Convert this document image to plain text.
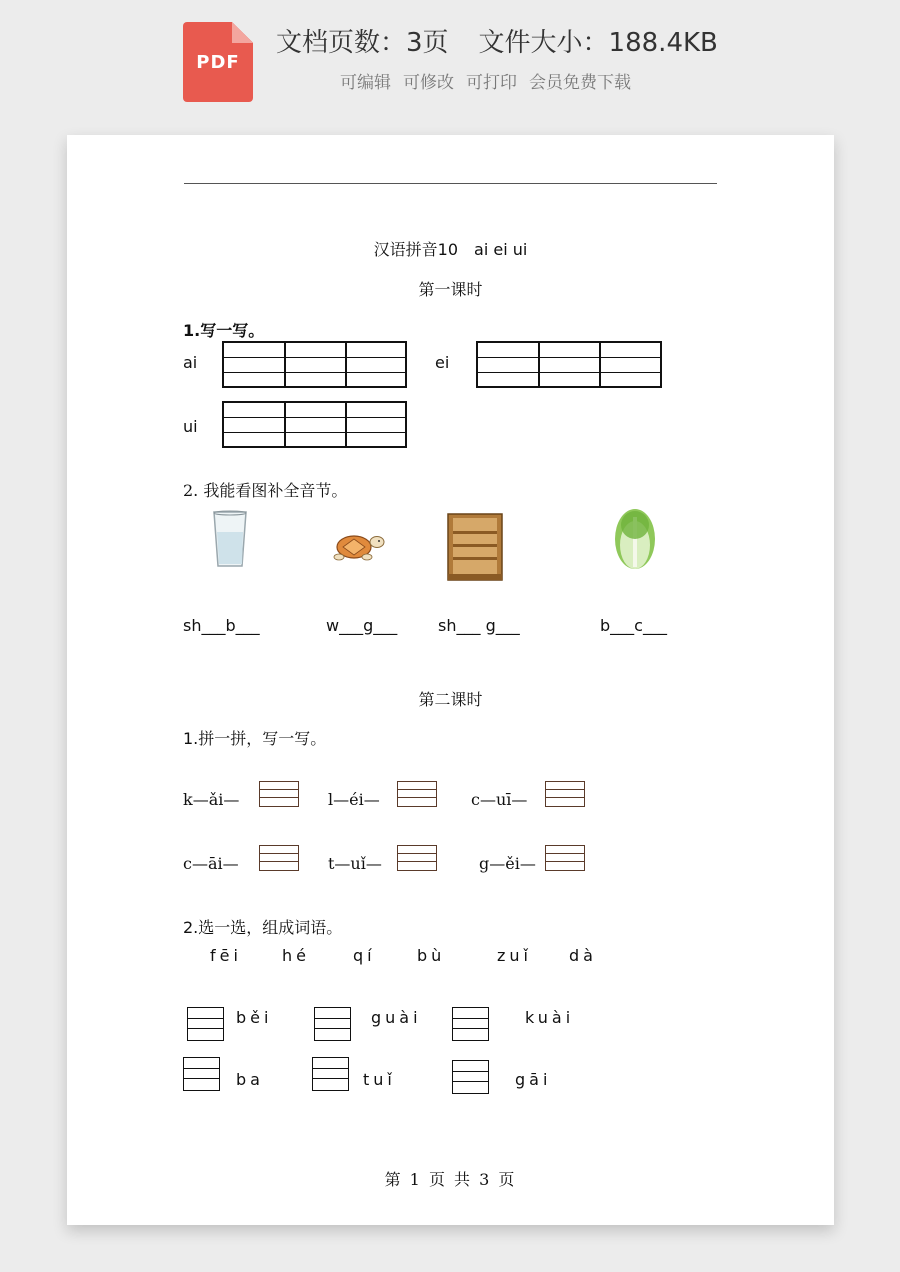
PDF
文档页数：3页 文件大小：188.4KB
可编辑 可修改 可打印 会员免费下载
汉语拼音10　ai ei ui
第一课时
1.写一写。
ai	ei
ui
2. 我能看图补全音节。
sh___b___	w___g___	sh___ g___	b___c___
第二课时
1.拼一拼，写一写。
k—ǎi—	l—éi—	c—uī—
c—āi—	t—uǐ—	g—ěi—
2.选一选，组成词语。
fēi	hé	qí	bù	zuǐ dà
běi	guài	kuài
ba	tuǐ	gāi
第 1 页 共 3 页
